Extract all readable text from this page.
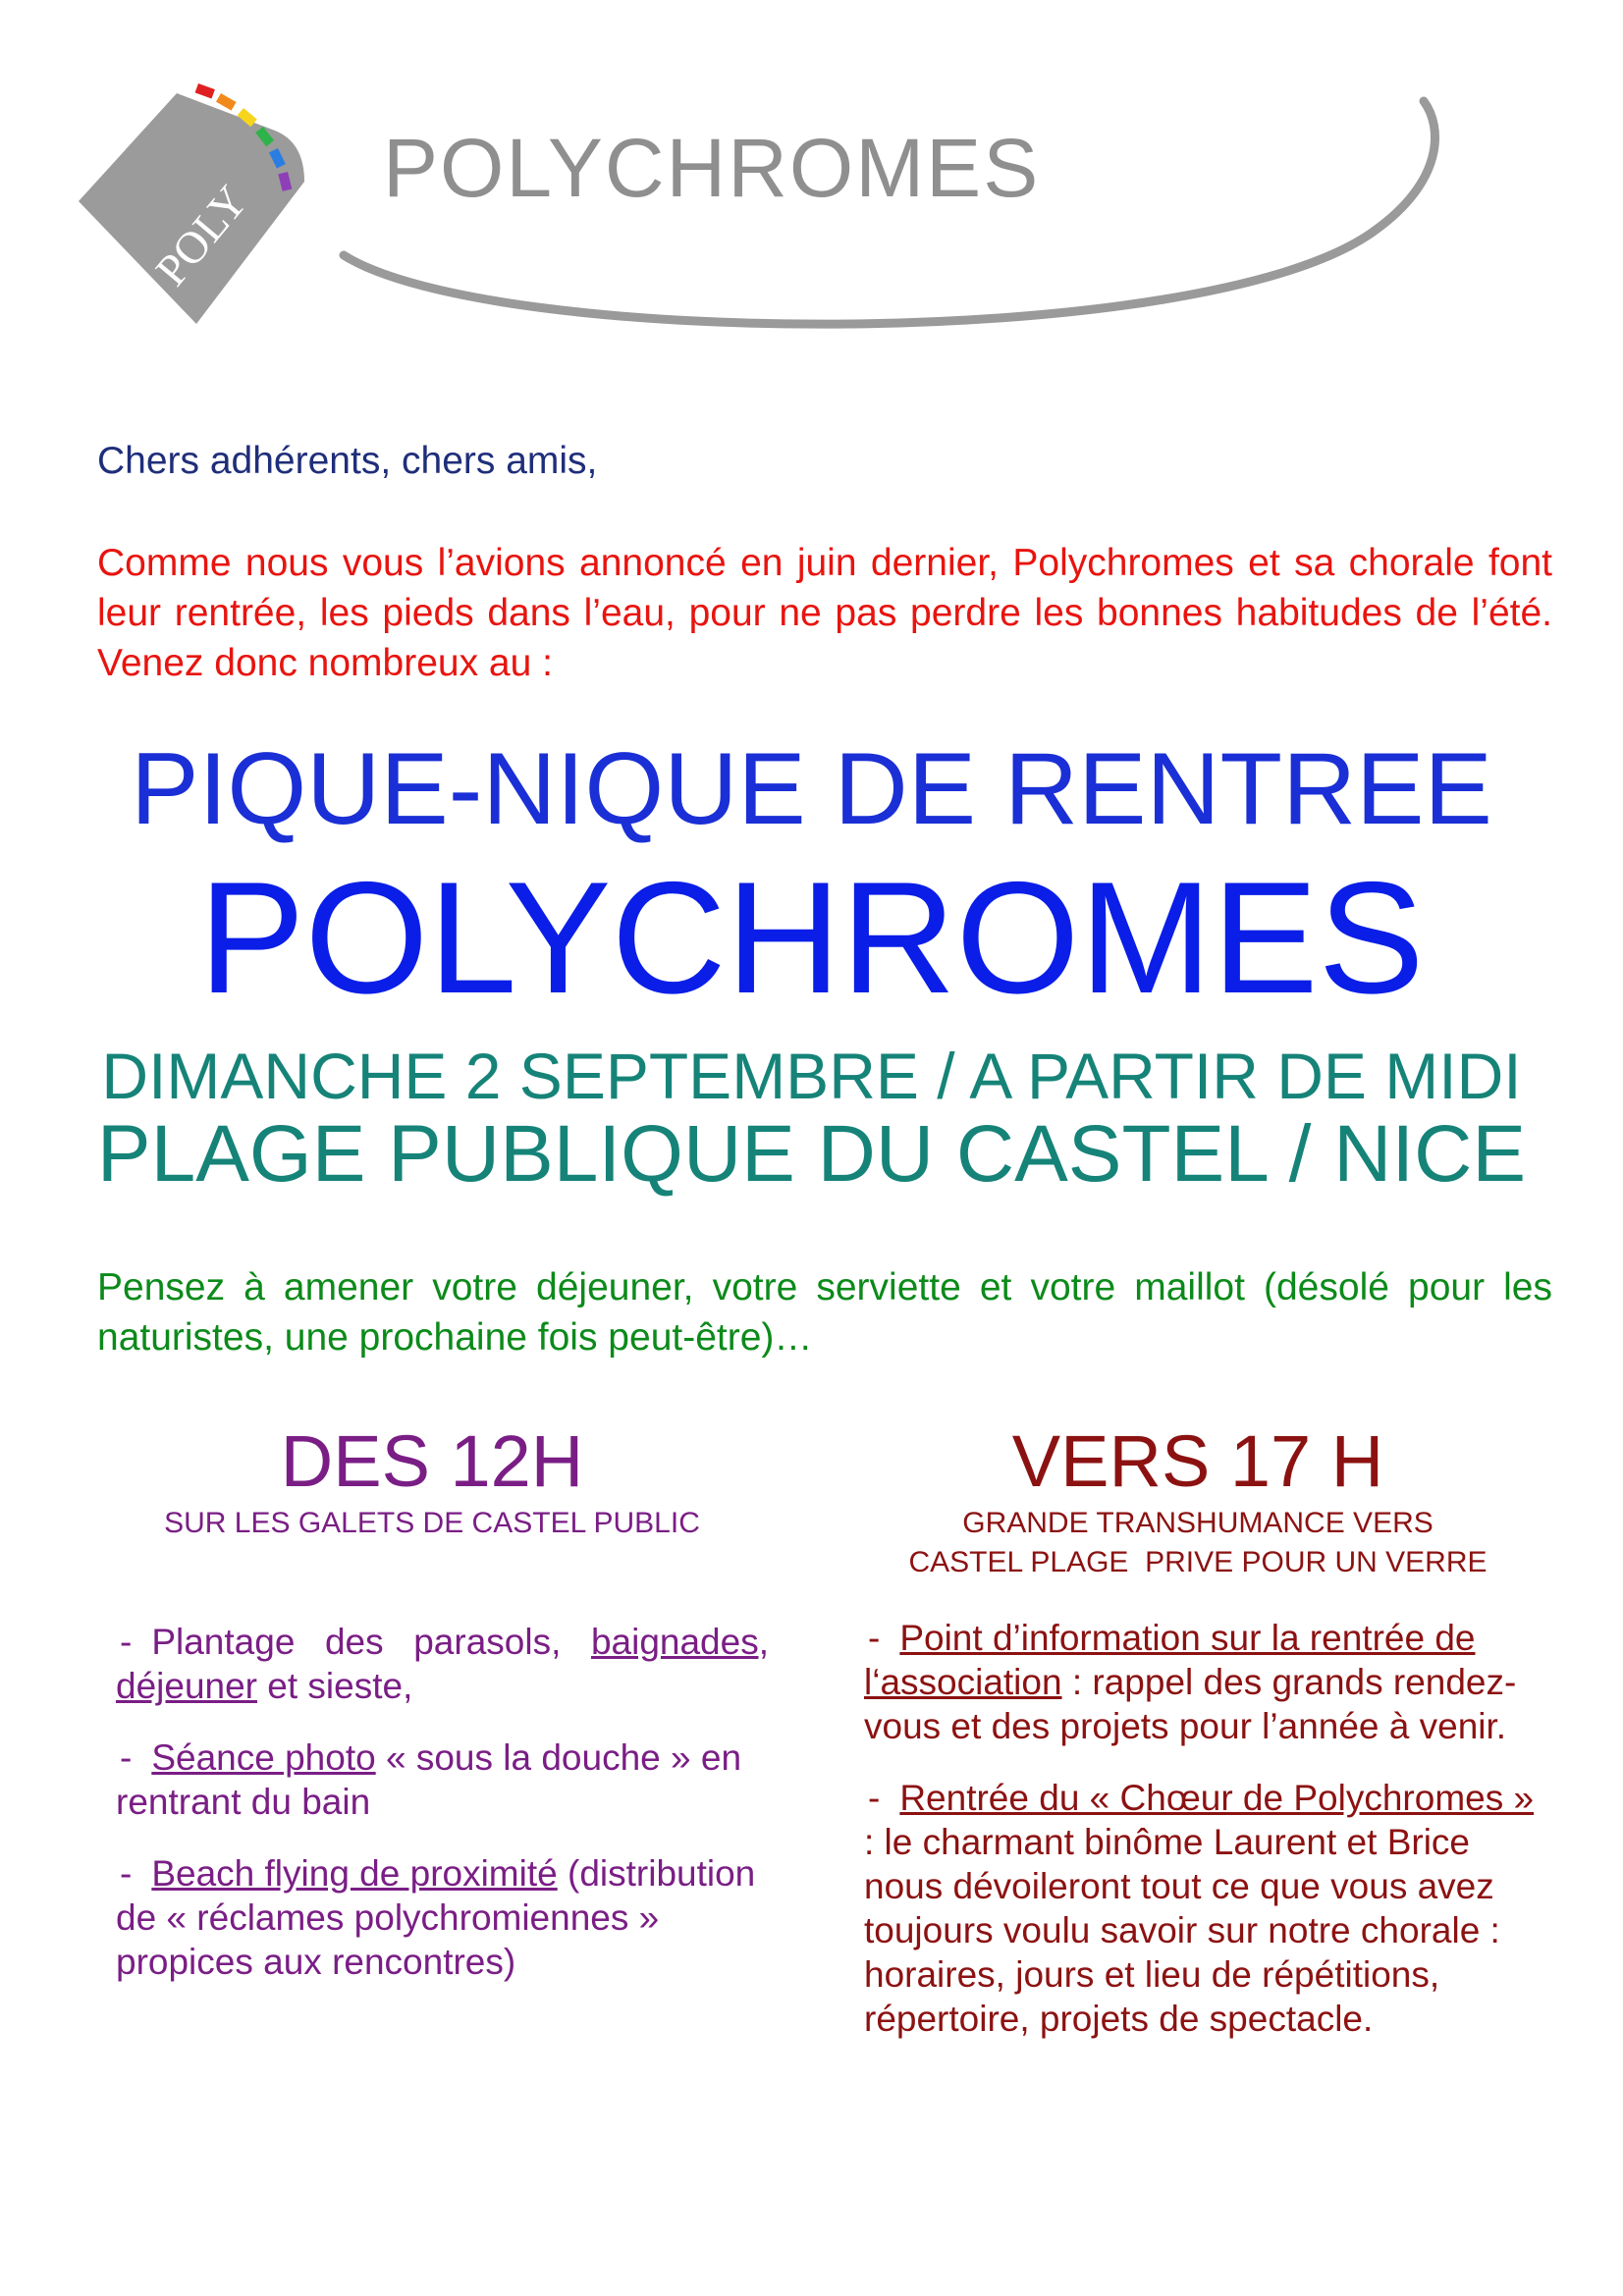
POLY
POLYCHROMES
Chers adhérents, chers amis,
Comme nous vous l’avions annoncé en juin dernier, Polychromes et sa chorale font leur rentrée, les pieds dans l’eau, pour ne pas perdre les bonnes habitudes de l’été. Venez donc nombreux au :
PIQUE-NIQUE DE RENTREE
POLYCHROMES
DIMANCHE 2 SEPTEMBRE / A PARTIR DE MIDI
PLAGE PUBLIQUE DU CASTEL / NICE
Pensez à amener votre déjeuner, votre serviette et votre maillot (désolé pour les naturistes, une prochaine fois peut-être)…
DES 12H
SUR LES GALETS DE CASTEL PUBLIC
- Plantage des parasols, baignades, déjeuner et sieste,
- Séance photo « sous la douche » en rentrant du bain
- Beach flying de proximité (distribution de « réclames polychromiennes » propices aux rencontres)
VERS 17 H
GRANDE TRANSHUMANCE VERS
CASTEL PLAGE  PRIVE POUR UN VERRE
- Point d’information sur la rentrée de l‘association : rappel des grands rendez-vous et des projets pour l’année à venir.
- Rentrée du « Chœur de Polychromes » : le charmant binôme Laurent et Brice nous dévoileront tout ce que vous avez toujours voulu savoir sur notre chorale : horaires, jours et lieu de répétitions, répertoire, projets de spectacle.
